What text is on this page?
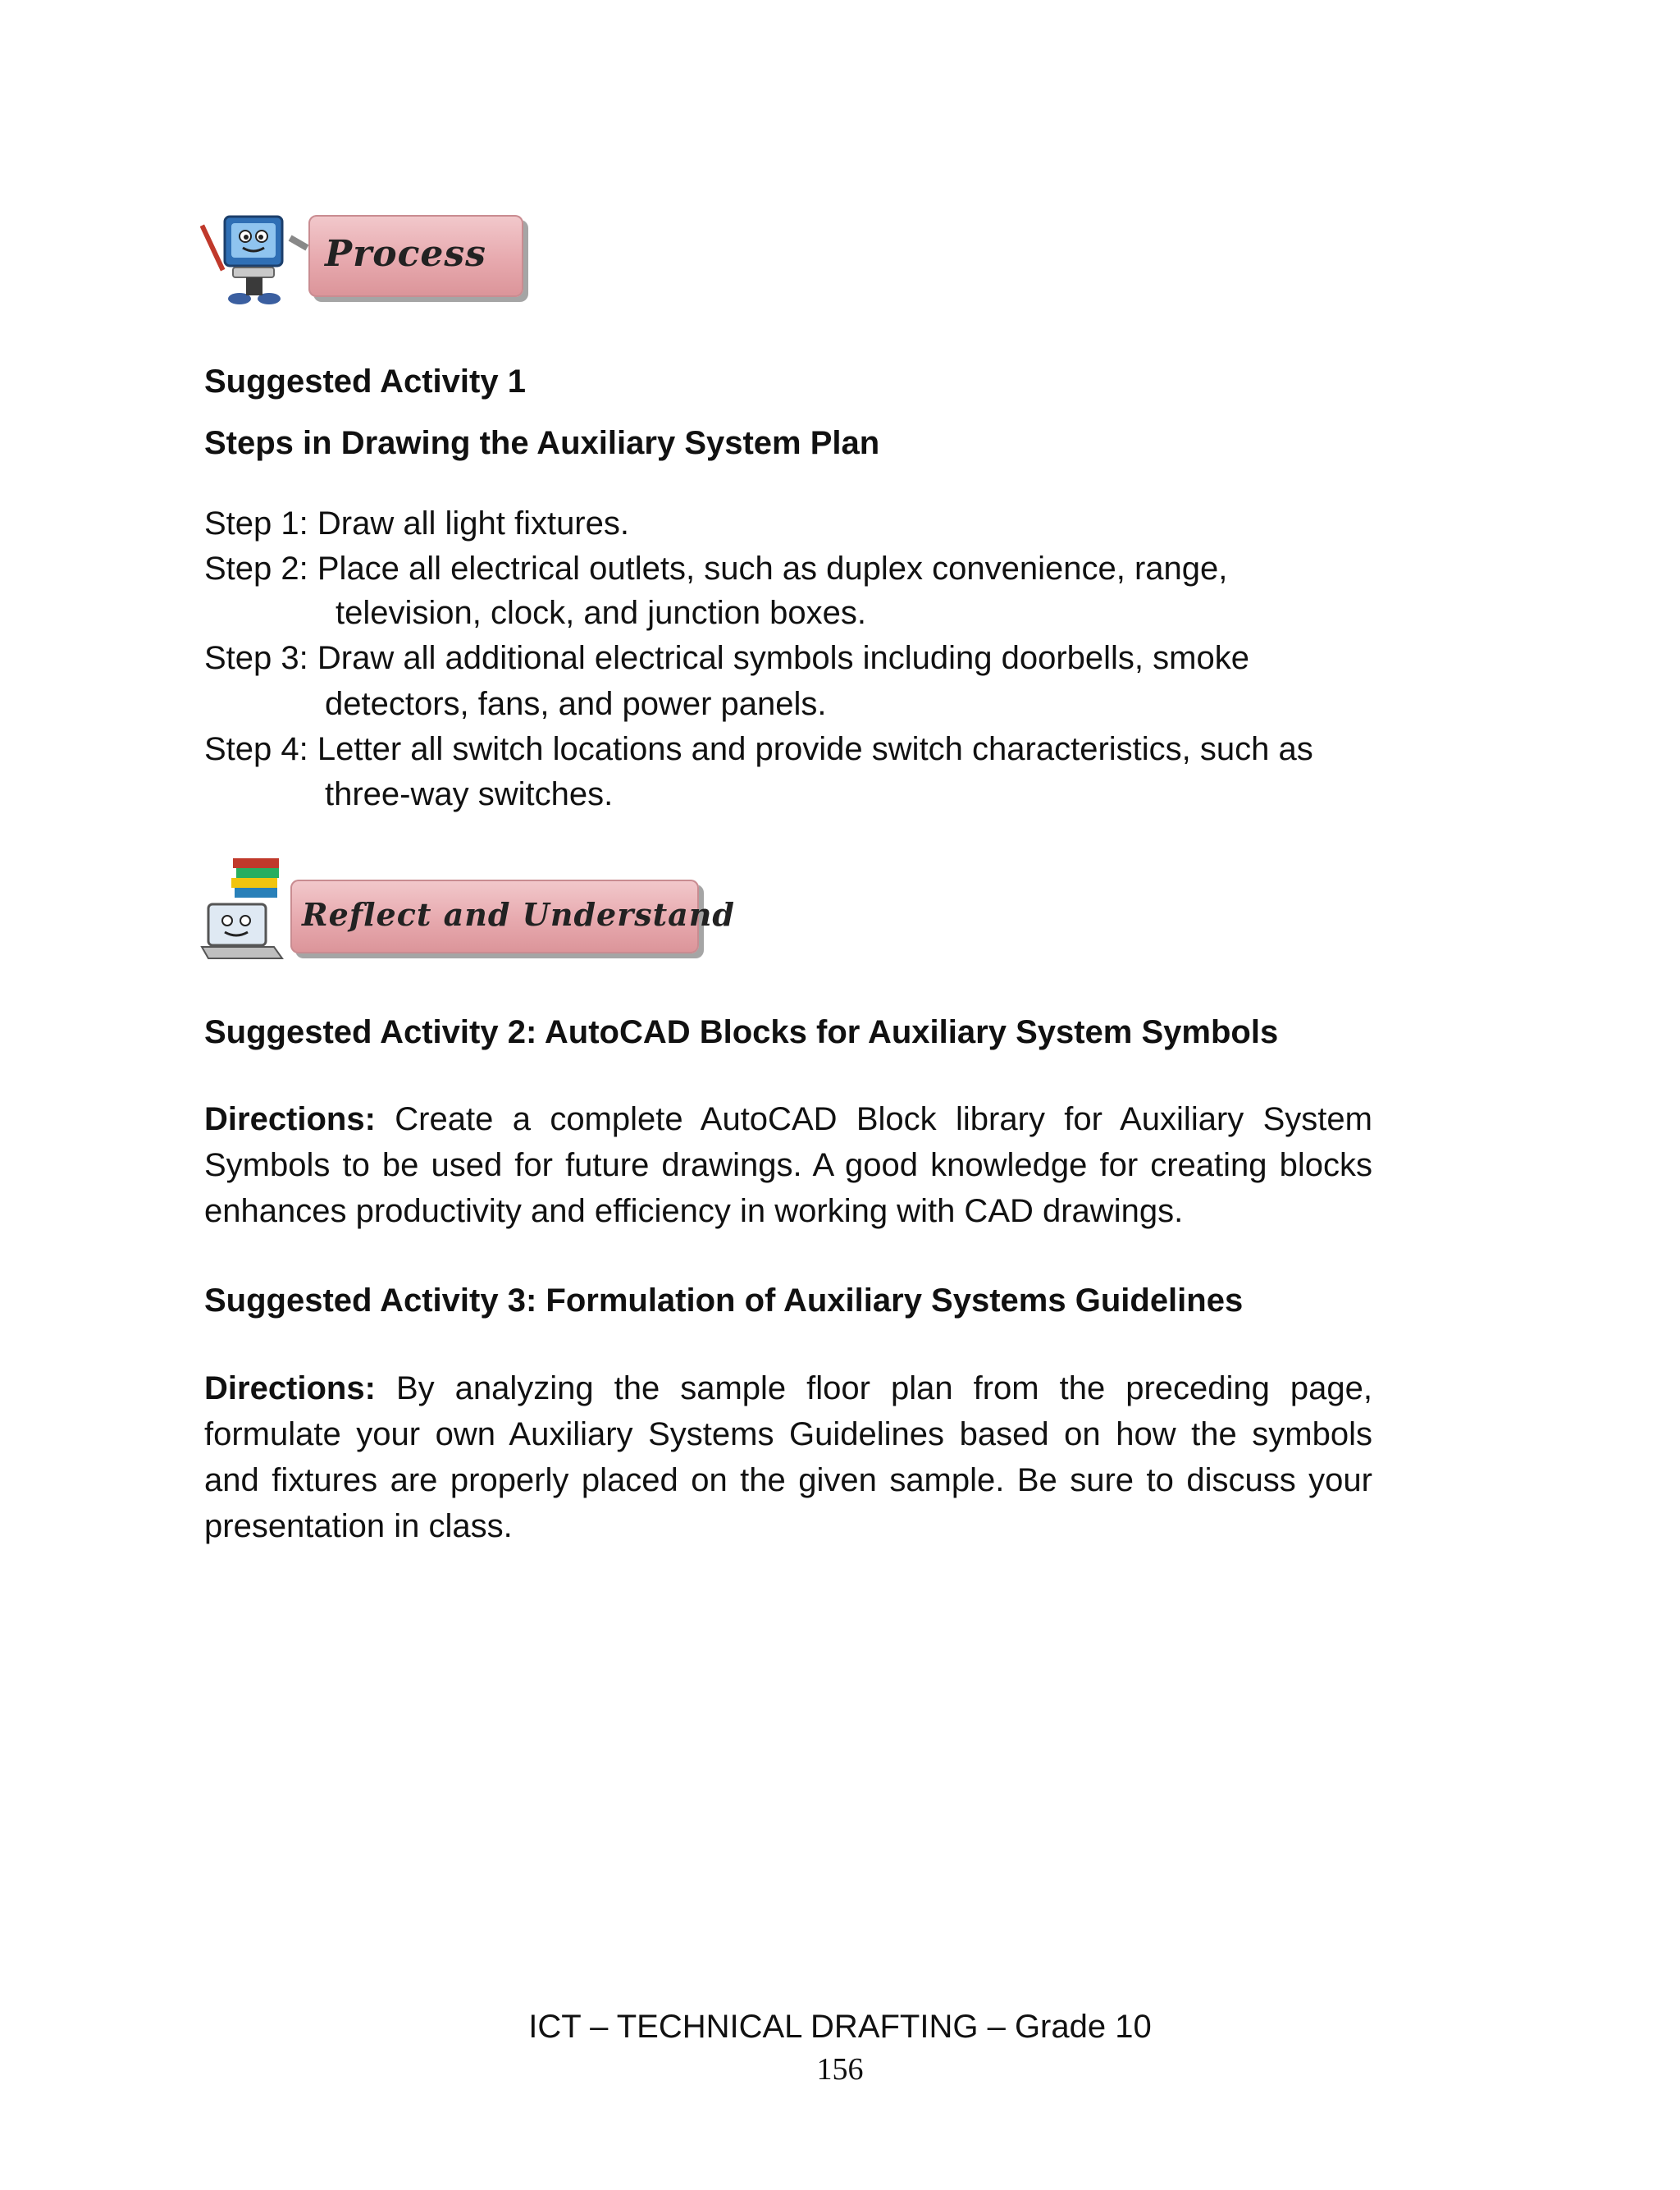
Process
Suggested Activity 1
Steps in Drawing the Auxiliary System Plan
Step 1: Draw all light fixtures.
Step 2: Place all electrical outlets, such as duplex convenience, range,
television, clock, and junction boxes.
Step 3: Draw all additional electrical symbols including doorbells, smoke
detectors, fans, and power panels.
Step 4: Letter all switch locations and provide switch characteristics, such as
three-way switches.
Reflect and Understand
Suggested Activity 2: AutoCAD Blocks for Auxiliary System Symbols
Directions: Create a complete AutoCAD Block library for Auxiliary System Symbols to be used for future drawings. A good knowledge for creating blocks enhances productivity and efficiency in working with CAD drawings.
Suggested Activity 3: Formulation of Auxiliary Systems Guidelines
Directions: By analyzing the sample floor plan from the preceding page, formulate your own Auxiliary Systems Guidelines based on how the symbols and fixtures are properly placed on the given sample. Be sure to discuss your presentation in class.
ICT – TECHNICAL DRAFTING – Grade 10
156
